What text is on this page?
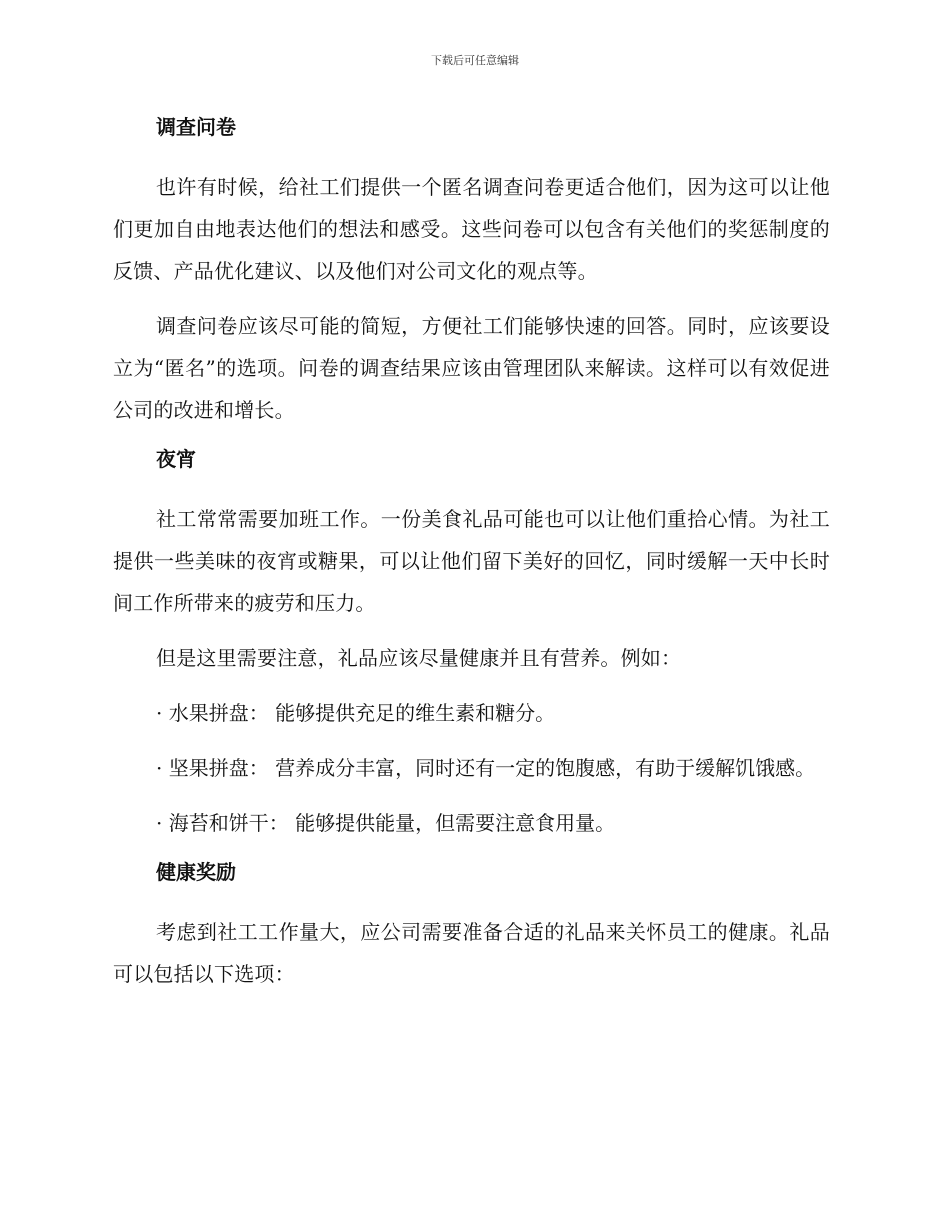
下载后可任意编辑
调查问卷

也许有时候，给社工们提供一个匿名调查问卷更适合他们，因为这可以让他们更加自由地表达他们的想法和感受。这些问卷可以包含有关他们的奖惩制度的反馈、产品优化建议、以及他们对公司文化的观点等。

调查问卷应该尽可能的简短，方便社工们能够快速的回答。同时，应该要设立为“匿名”的选项。问卷的调查结果应该由管理团队来解读。这样可以有效促进公司的改进和增长。

夜宵

社工常常需要加班工作。一份美食礼品可能也可以让他们重拾心情。为社工提供一些美味的夜宵或糖果，可以让他们留下美好的回忆，同时缓解一天中长时间工作所带来的疲劳和压力。

但是这里需要注意，礼品应该尽量健康并且有营养。例如：

· 水果拼盘： 能够提供充足的维生素和糖分。

· 坚果拼盘： 营养成分丰富，同时还有一定的饱腹感，有助于缓解饥饿感。

· 海苔和饼干： 能够提供能量，但需要注意食用量。

健康奖励

考虑到社工工作量大，应公司需要准备合适的礼品来关怀员工的健康。礼品可以包括以下选项：
